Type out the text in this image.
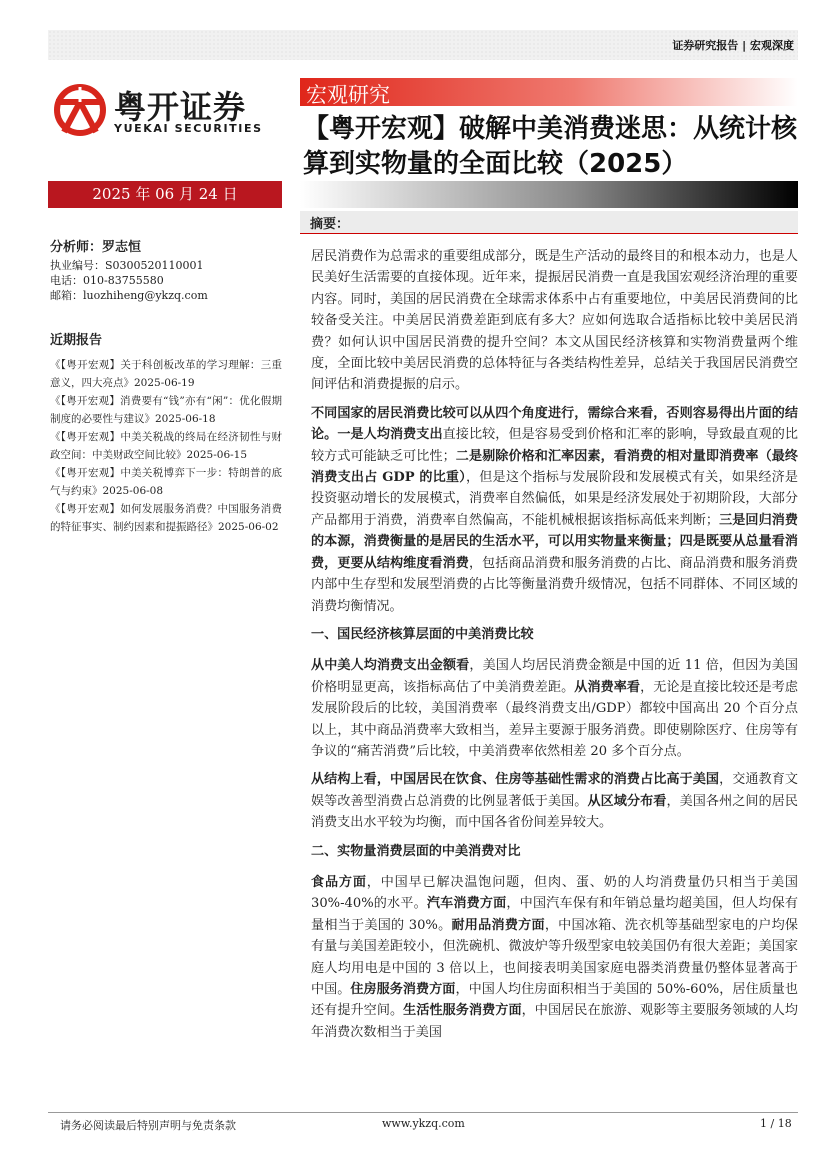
证券研究报告 | 宏观深度
粤开证券
YUEKAI SECURITIES
宏观研究
【粤开宏观】破解中美消费迷思：从统计核算到实物量的全面比较（2025）
2025 年 06 月 24 日
分析师：罗志恒
执业编号：S0300520110001
电话：010-83755580
邮箱：luozhiheng@ykzq.com
近期报告
《【粤开宏观】关于科创板改革的学习理解：三重意义，四大亮点》2025-06-19
《【粤开宏观】消费要有“钱”亦有“闲”：优化假期制度的必要性与建议》2025-06-18
《【粤开宏观】中美关税战的终局在经济韧性与财政空间：中美财政空间比较》2025-06-15
《【粤开宏观】中美关税博弈下一步：特朗普的底气与约束》2025-06-08
《【粤开宏观】如何发展服务消费？中国服务消费的特征事实、制约因素和提振路径》2025-06-02
摘要：

居民消费作为总需求的重要组成部分，既是生产活动的最终目的和根本动力，也是人民美好生活需要的直接体现。近年来，提振居民消费一直是我国宏观经济治理的重要内容。同时，美国的居民消费在全球需求体系中占有重要地位，中美居民消费间的比较备受关注。中美居民消费差距到底有多大？应如何选取合适指标比较中美居民消费？如何认识中国居民消费的提升空间？本文从国民经济核算和实物消费量两个维度，全面比较中美居民消费的总体特征与各类结构性差异，总结关于我国居民消费空间评估和消费提振的启示。

不同国家的居民消费比较可以从四个角度进行，需综合来看，否则容易得出片面的结论。一是人均消费支出直接比较，但是容易受到价格和汇率的影响，导致最直观的比较方式可能缺乏可比性；二是剔除价格和汇率因素，看消费的相对量即消费率（最终消费支出占 GDP 的比重），但是这个指标与发展阶段和发展模式有关，如果经济是投资驱动增长的发展模式，消费率自然偏低，如果是经济发展处于初期阶段，大部分产品都用于消费，消费率自然偏高，不能机械根据该指标高低来判断；三是回归消费的本源，消费衡量的是居民的生活水平，可以用实物量来衡量；四是既要从总量看消费，更要从结构维度看消费，包括商品消费和服务消费的占比、商品消费和服务消费内部中生存型和发展型消费的占比等衡量消费升级情况，包括不同群体、不同区域的消费均衡情况。

一、国民经济核算层面的中美消费比较

从中美人均消费支出金额看，美国人均居民消费金额是中国的近 11 倍，但因为美国价格明显更高，该指标高估了中美消费差距。从消费率看，无论是直接比较还是考虑发展阶段后的比较，美国消费率（最终消费支出/GDP）都较中国高出 20 个百分点以上，其中商品消费率大致相当，差异主要源于服务消费。即使剔除医疗、住房等有争议的“痛苦消费”后比较，中美消费率依然相差 20 多个百分点。

从结构上看，中国居民在饮食、住房等基础性需求的消费占比高于美国，交通教育文娱等改善型消费占总消费的比例显著低于美国。从区域分布看，美国各州之间的居民消费支出水平较为均衡，而中国各省份间差异较大。

二、实物量消费层面的中美消费对比

食品方面，中国早已解决温饱问题，但肉、蛋、奶的人均消费量仍只相当于美国 30%-40%的水平。汽车消费方面，中国汽车保有和年销总量均超美国，但人均保有量相当于美国的 30%。耐用品消费方面，中国冰箱、洗衣机等基础型家电的户均保有量与美国差距较小，但洗碗机、微波炉等升级型家电较美国仍有很大差距；美国家庭人均用电是中国的 3 倍以上，也间接表明美国家庭电器类消费量仍整体显著高于中国。住房服务消费方面，中国人均住房面积相当于美国的 50%-60%，居住质量也还有提升空间。生活性服务消费方面，中国居民在旅游、观影等主要服务领域的人均年消费次数相当于美国

请务必阅读最后特别声明与免责条款	www.ykzq.com	1 / 18
